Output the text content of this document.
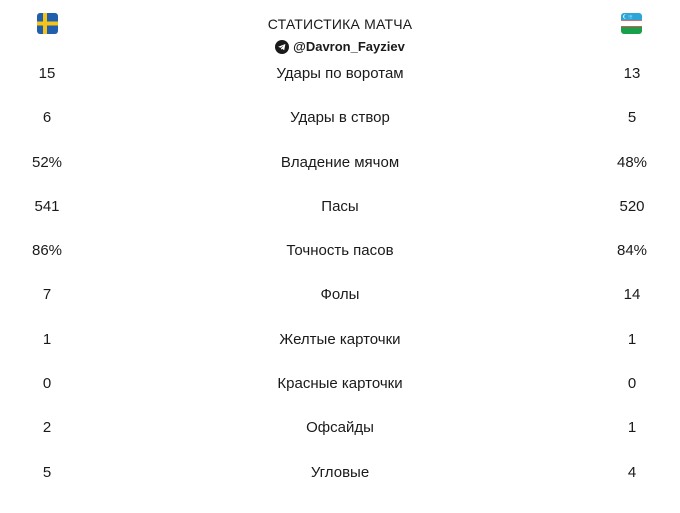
СТАТИСТИКА МАТЧА
@Davron_Fayziev
15	Удары по воротам	13
6	Удары в створ	5
52%	Владение мячом	48%
541	Пасы	520
86%	Точность пасов	84%
7	Фолы	14
1	Желтые карточки	1
0	Красные карточки	0
2	Офсайды	1
5	Угловые	4
